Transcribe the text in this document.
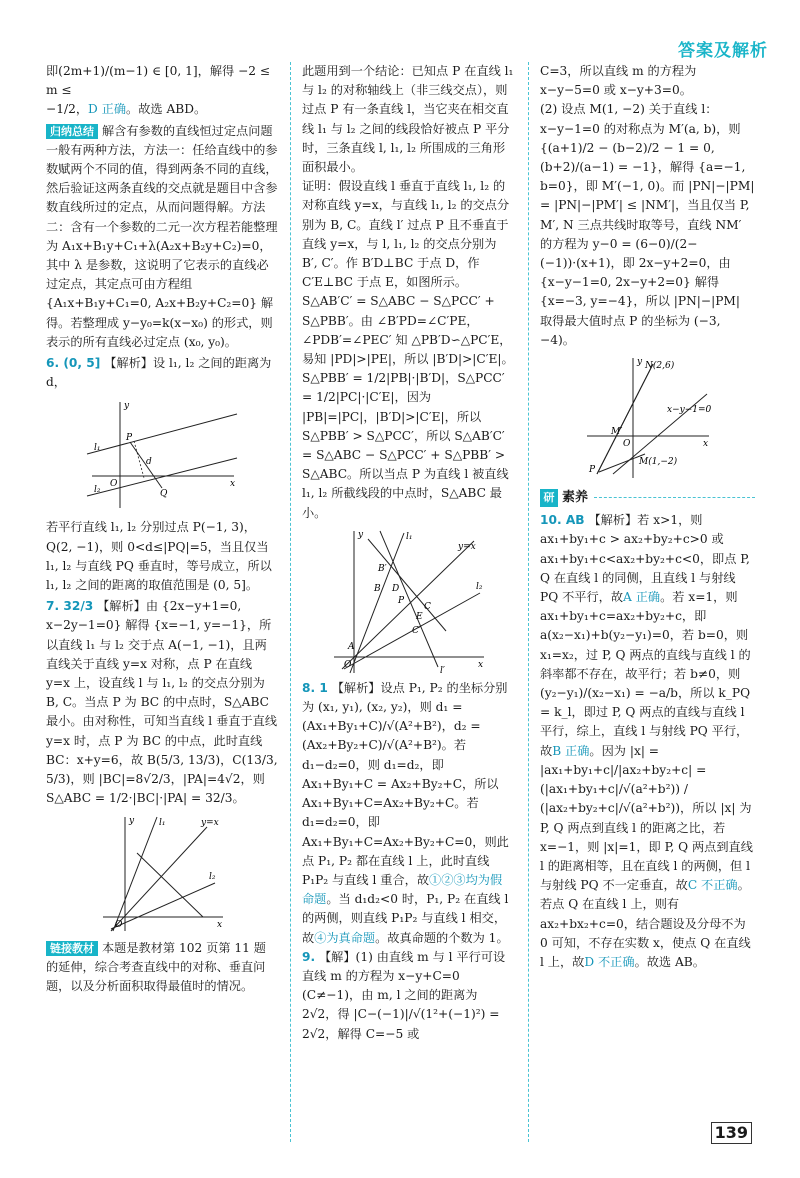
答案及解析

即(2m+1)/(m−1) ∈ [0, 1]，解得 −2 ≤ m ≤

−1/2，D 正确。故选 ABD。

归纳总结 解含有参数的直线恒过定点问题一般有两种方法，方法一：任给直线中的参数赋两个不同的值，得到两条不同的直线，然后验证这两条直线的交点就是题目中含参数直线所过的定点，从而问题得解。方法二：含有一个参数的二元一次方程若能整理为 A₁x+B₁y+C₁+λ(A₂x+B₂y+C₂)=0，其中 λ 是参数，这说明了它表示的直线必过定点，其定点可由方程组 {A₁x+B₁y+C₁=0, A₂x+B₂y+C₂=0} 解得。若整理成 y−y₀=k(x−x₀) 的形式，则表示的所有直线必过定点 (x₀, y₀)。

6. (0, 5] 【解析】设 l₁, l₂ 之间的距离为 d，

l₁
l₂
P
d
O
Q
x
y

若平行直线 l₁, l₂ 分别过点 P(−1, 3)，Q(2, −1)，则 0<d≤|PQ|=5，当且仅当 l₁, l₂ 与直线 PQ 垂直时，等号成立，所以 l₁, l₂ 之间的距离的取值范围是 (0, 5]。

7. 32/3 【解析】由 {2x−y+1=0, x−2y−1=0} 解得 {x=−1, y=−1}，所以直线 l₁ 与 l₂ 交于点 A(−1, −1)，且两直线关于直线 y=x 对称，点 P 在直线 y=x 上，设直线 l 与 l₁, l₂ 的交点分别为 B, C。当点 P 为 BC 的中点时，S△ABC 最小。由对称性，可知当直线 l 垂直于直线 y=x 时，点 P 为 BC 的中点，此时直线 BC：x+y=6，故 B(5/3, 13/3)，C(13/3, 5/3)，则 |BC|=8√2/3，|PA|=4√2，则 S△ABC = 1/2·|BC|·|PA| = 32/3。

l₁
l₂
y=x
O	x
y

链接教材 本题是教材第 102 页第 11 题的延伸，综合考查直线中的对称、垂直问题，以及分析面积取得最值时的情况。

此题用到一个结论：已知点 P 在直线 l₁ 与 l₂ 的对称轴线上（非三线交点），则过点 P 有一条直线 l，当它夹在相交直线 l₁ 与 l₂ 之间的线段恰好被点 P 平分时，三条直线 l, l₁, l₂ 所围成的三角形面积最小。

证明：假设直线 l 垂直于直线 l₁, l₂ 的对称直线 y=x，与直线 l₁, l₂ 的交点分别为 B, C。直线 l′ 过点 P 且不垂直于直线 y=x，与 l, l₁, l₂ 的交点分别为 B′, C′。作 B′D⊥BC 于点 D，作 C′E⊥BC 于点 E，如图所示。S△AB′C′ = S△ABC − S△PCC′ + S△PBB′。由 ∠B′PD=∠C′PE，∠PDB′=∠PEC′ 知 △PB′D∽△PC′E，易知 |PD|>|PE|，所以 |B′D|>|C′E|。S△PBB′ = 1/2|PB|·|B′D|，S△PCC′ = 1/2|PC|·|C′E|，因为 |PB|=|PC|，|B′D|>|C′E|，所以 S△PBB′ > S△PCC′，所以 S△AB′C′ = S△ABC − S△PCC′ + S△PBB′ > S△ABC。所以当点 P 为直线 l 被直线 l₁, l₂ 所截线段的中点时，S△ABC 最小。

l₁
l₂
l′
y=x
A
B′
B D
P
E
C
C′
O	x
y

8. 1 【解析】设点 P₁, P₂ 的坐标分别为 (x₁, y₁), (x₂, y₂)，则 d₁ = (Ax₁+By₁+C)/√(A²+B²)，d₂ = (Ax₂+By₂+C)/√(A²+B²)。若 d₁−d₂=0，则 d₁=d₂，即 Ax₁+By₁+C = Ax₂+By₂+C，所以 Ax₁+By₁+C=Ax₂+By₂+C。若 d₁=d₂=0，即 Ax₁+By₁+C=Ax₂+By₂+C=0，则此点 P₁, P₂ 都在直线 l 上，此时直线 P₁P₂ 与直线 l 重合，故①②③均为假命题。当 d₁d₂<0 时，P₁, P₂ 在直线 l 的两侧，则直线 P₁P₂ 与直线 l 相交，故④为真命题。故真命题的个数为 1。

9. 【解】(1) 由直线 m 与 l 平行可设直线 m 的方程为 x−y+C=0 (C≠−1)，由 m, l 之间的距离为 2√2，得 |C−(−1)|/√(1²+(−1)²) = 2√2，解得 C=−5 或

C=3，所以直线 m 的方程为 x−y−5=0 或 x−y+3=0。

(2) 设点 M(1, −2) 关于直线 l：x−y−1=0 的对称点为 M′(a, b)，则 {(a+1)/2 − (b−2)/2 − 1 = 0, (b+2)/(a−1) = −1}，解得 {a=−1, b=0}，即 M′(−1, 0)。而 |PN|−|PM| = |PN|−|PM′| ≤ |NM′|，当且仅当 P, M′, N 三点共线时取等号，直线 NM′ 的方程为 y−0 = (6−0)/(2−(−1))·(x+1)，即 2x−y+2=0，由 {x−y−1=0, 2x−y+2=0} 解得 {x=−3, y=−4}，所以 |PN|−|PM| 取得最大值时点 P 的坐标为 (−3, −4)。

N(2,6)
x−y−1=0
M′
M(1,−2)
P
O	x
y
研 素养

10. AB 【解析】若 x>1，则 ax₁+by₁+c > ax₂+by₂+c>0 或 ax₁+by₁+c<ax₂+by₂+c<0，即点 P, Q 在直线 l 的同侧，且直线 l 与射线 PQ 不平行，故A 正确。若 x=1，则 ax₁+by₁+c=ax₂+by₂+c，即 a(x₂−x₁)+b(y₂−y₁)=0，若 b=0，则 x₁=x₂，过 P, Q 两点的直线与直线 l 的斜率都不存在，故平行；若 b≠0，则 (y₂−y₁)/(x₂−x₁) = −a/b，所以 k_PQ = k_l，即过 P, Q 两点的直线与直线 l 平行，综上，直线 l 与射线 PQ 平行，故B 正确。因为 |x| = |ax₁+by₁+c|/|ax₂+by₂+c| = (|ax₁+by₁+c|/√(a²+b²)) / (|ax₂+by₂+c|/√(a²+b²))，所以 |x| 为 P, Q 两点到直线 l 的距离之比，若 x=−1，则 |x|=1，即 P, Q 两点到直线 l 的距离相等，且在直线 l 的两侧，但 l 与射线 PQ 不一定垂直，故C 不正确。若点 Q 在直线 l 上，则有 ax₂+bx₂+c=0，结合题设及分母不为 0 可知，不存在实数 x，使点 Q 在直线 l 上，故D 不正确。故选 AB。

139
